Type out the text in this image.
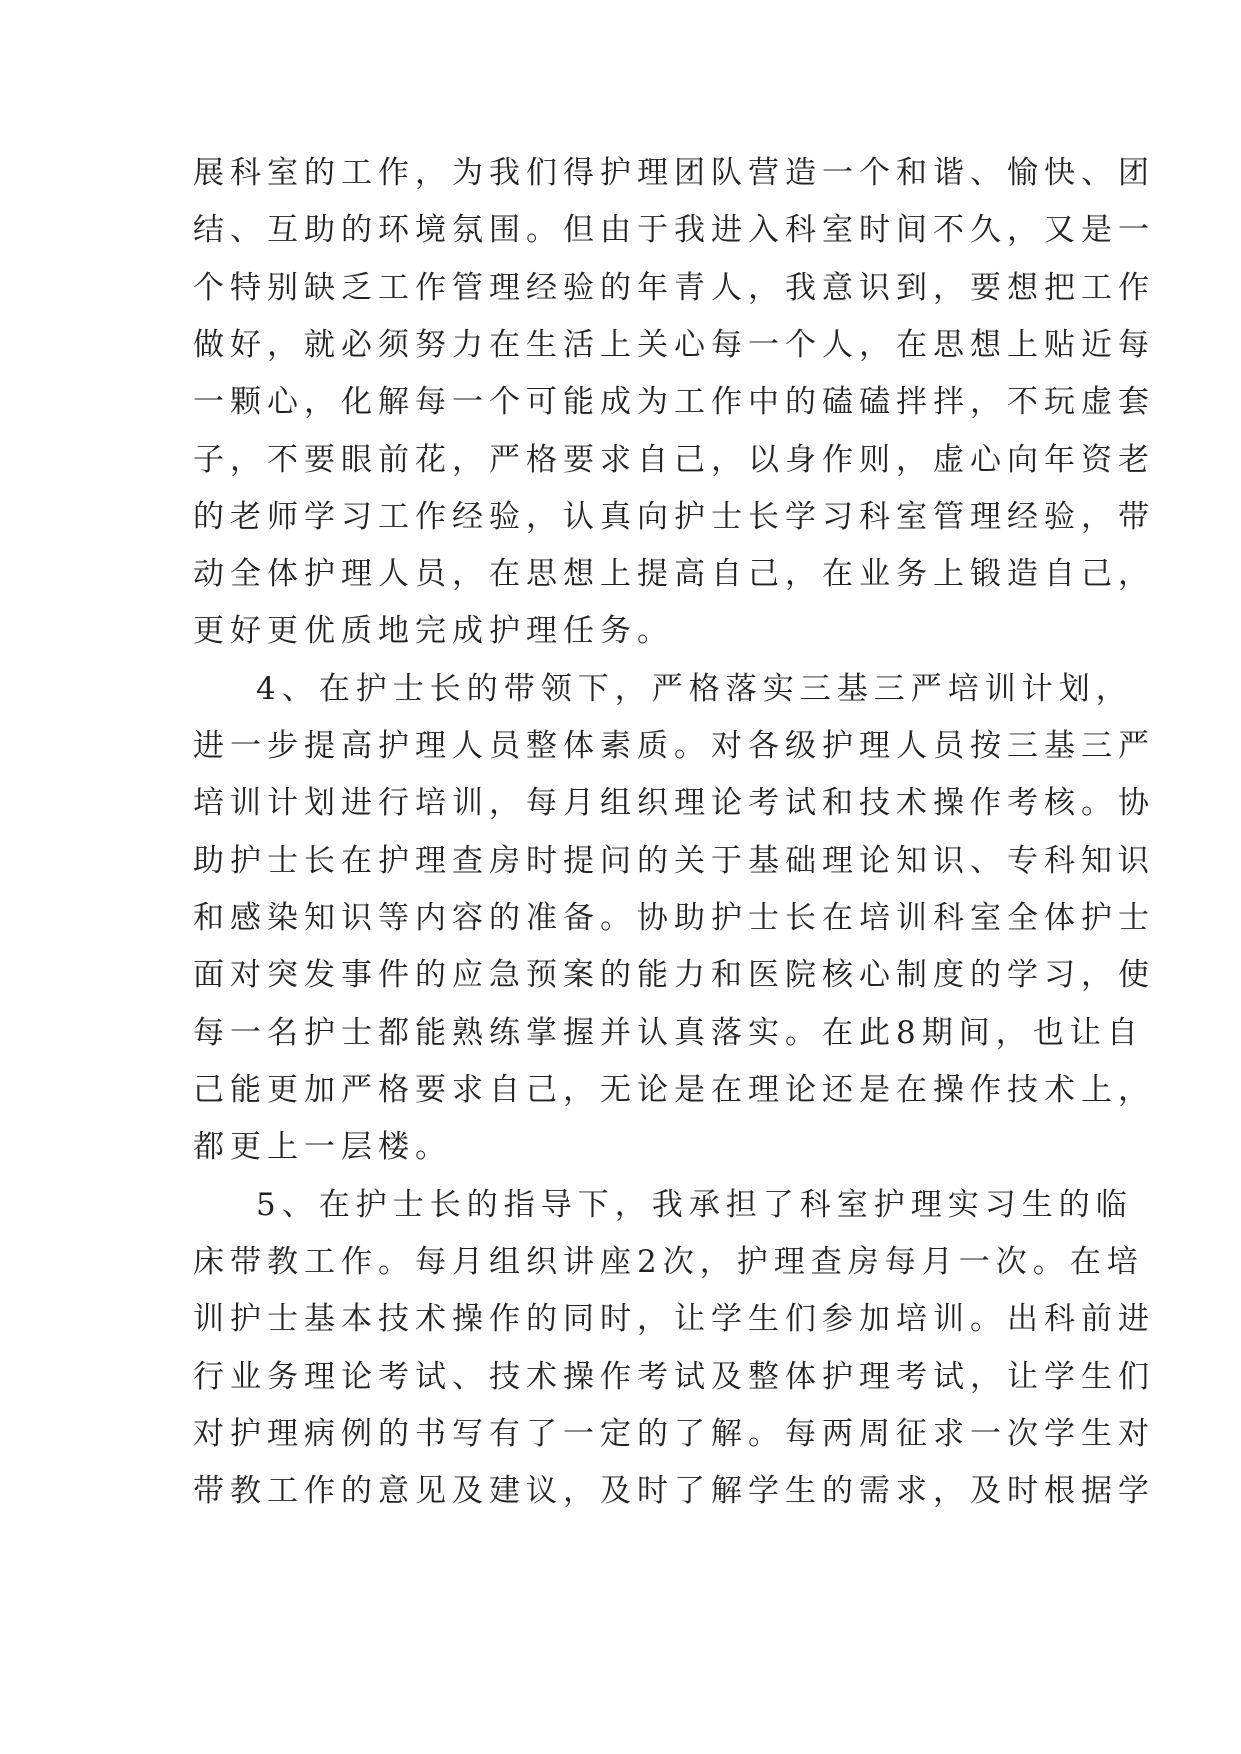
展科室的工作，为我们得护理团队营造一个和谐、愉快、团
结、互助的环境氛围。但由于我进入科室时间不久，又是一
个特别缺乏工作管理经验的年青人，我意识到，要想把工作
做好，就必须努力在生活上关心每一个人，在思想上贴近每
一颗心，化解每一个可能成为工作中的磕磕拌拌，不玩虚套
子，不要眼前花，严格要求自己，以身作则，虚心向年资老
的老师学习工作经验，认真向护士长学习科室管理经验，带
动全体护理人员，在思想上提高自己，在业务上锻造自己，
更好更优质地完成护理任务。
4、在护士长的带领下，严格落实三基三严培训计划，
进一步提高护理人员整体素质。对各级护理人员按三基三严
培训计划进行培训，每月组织理论考试和技术操作考核。协
助护士长在护理查房时提问的关于基础理论知识、专科知识
和感染知识等内容的准备。协助护士长在培训科室全体护士
面对突发事件的应急预案的能力和医院核心制度的学习，使
每一名护士都能熟练掌握并认真落实。在此8期间，也让自
己能更加严格要求自己，无论是在理论还是在操作技术上，
都更上一层楼。
5、在护士长的指导下，我承担了科室护理实习生的临
床带教工作。每月组织讲座2次，护理查房每月一次。在培
训护士基本技术操作的同时，让学生们参加培训。出科前进
行业务理论考试、技术操作考试及整体护理考试，让学生们
对护理病例的书写有了一定的了解。每两周征求一次学生对
带教工作的意见及建议，及时了解学生的需求，及时根据学
